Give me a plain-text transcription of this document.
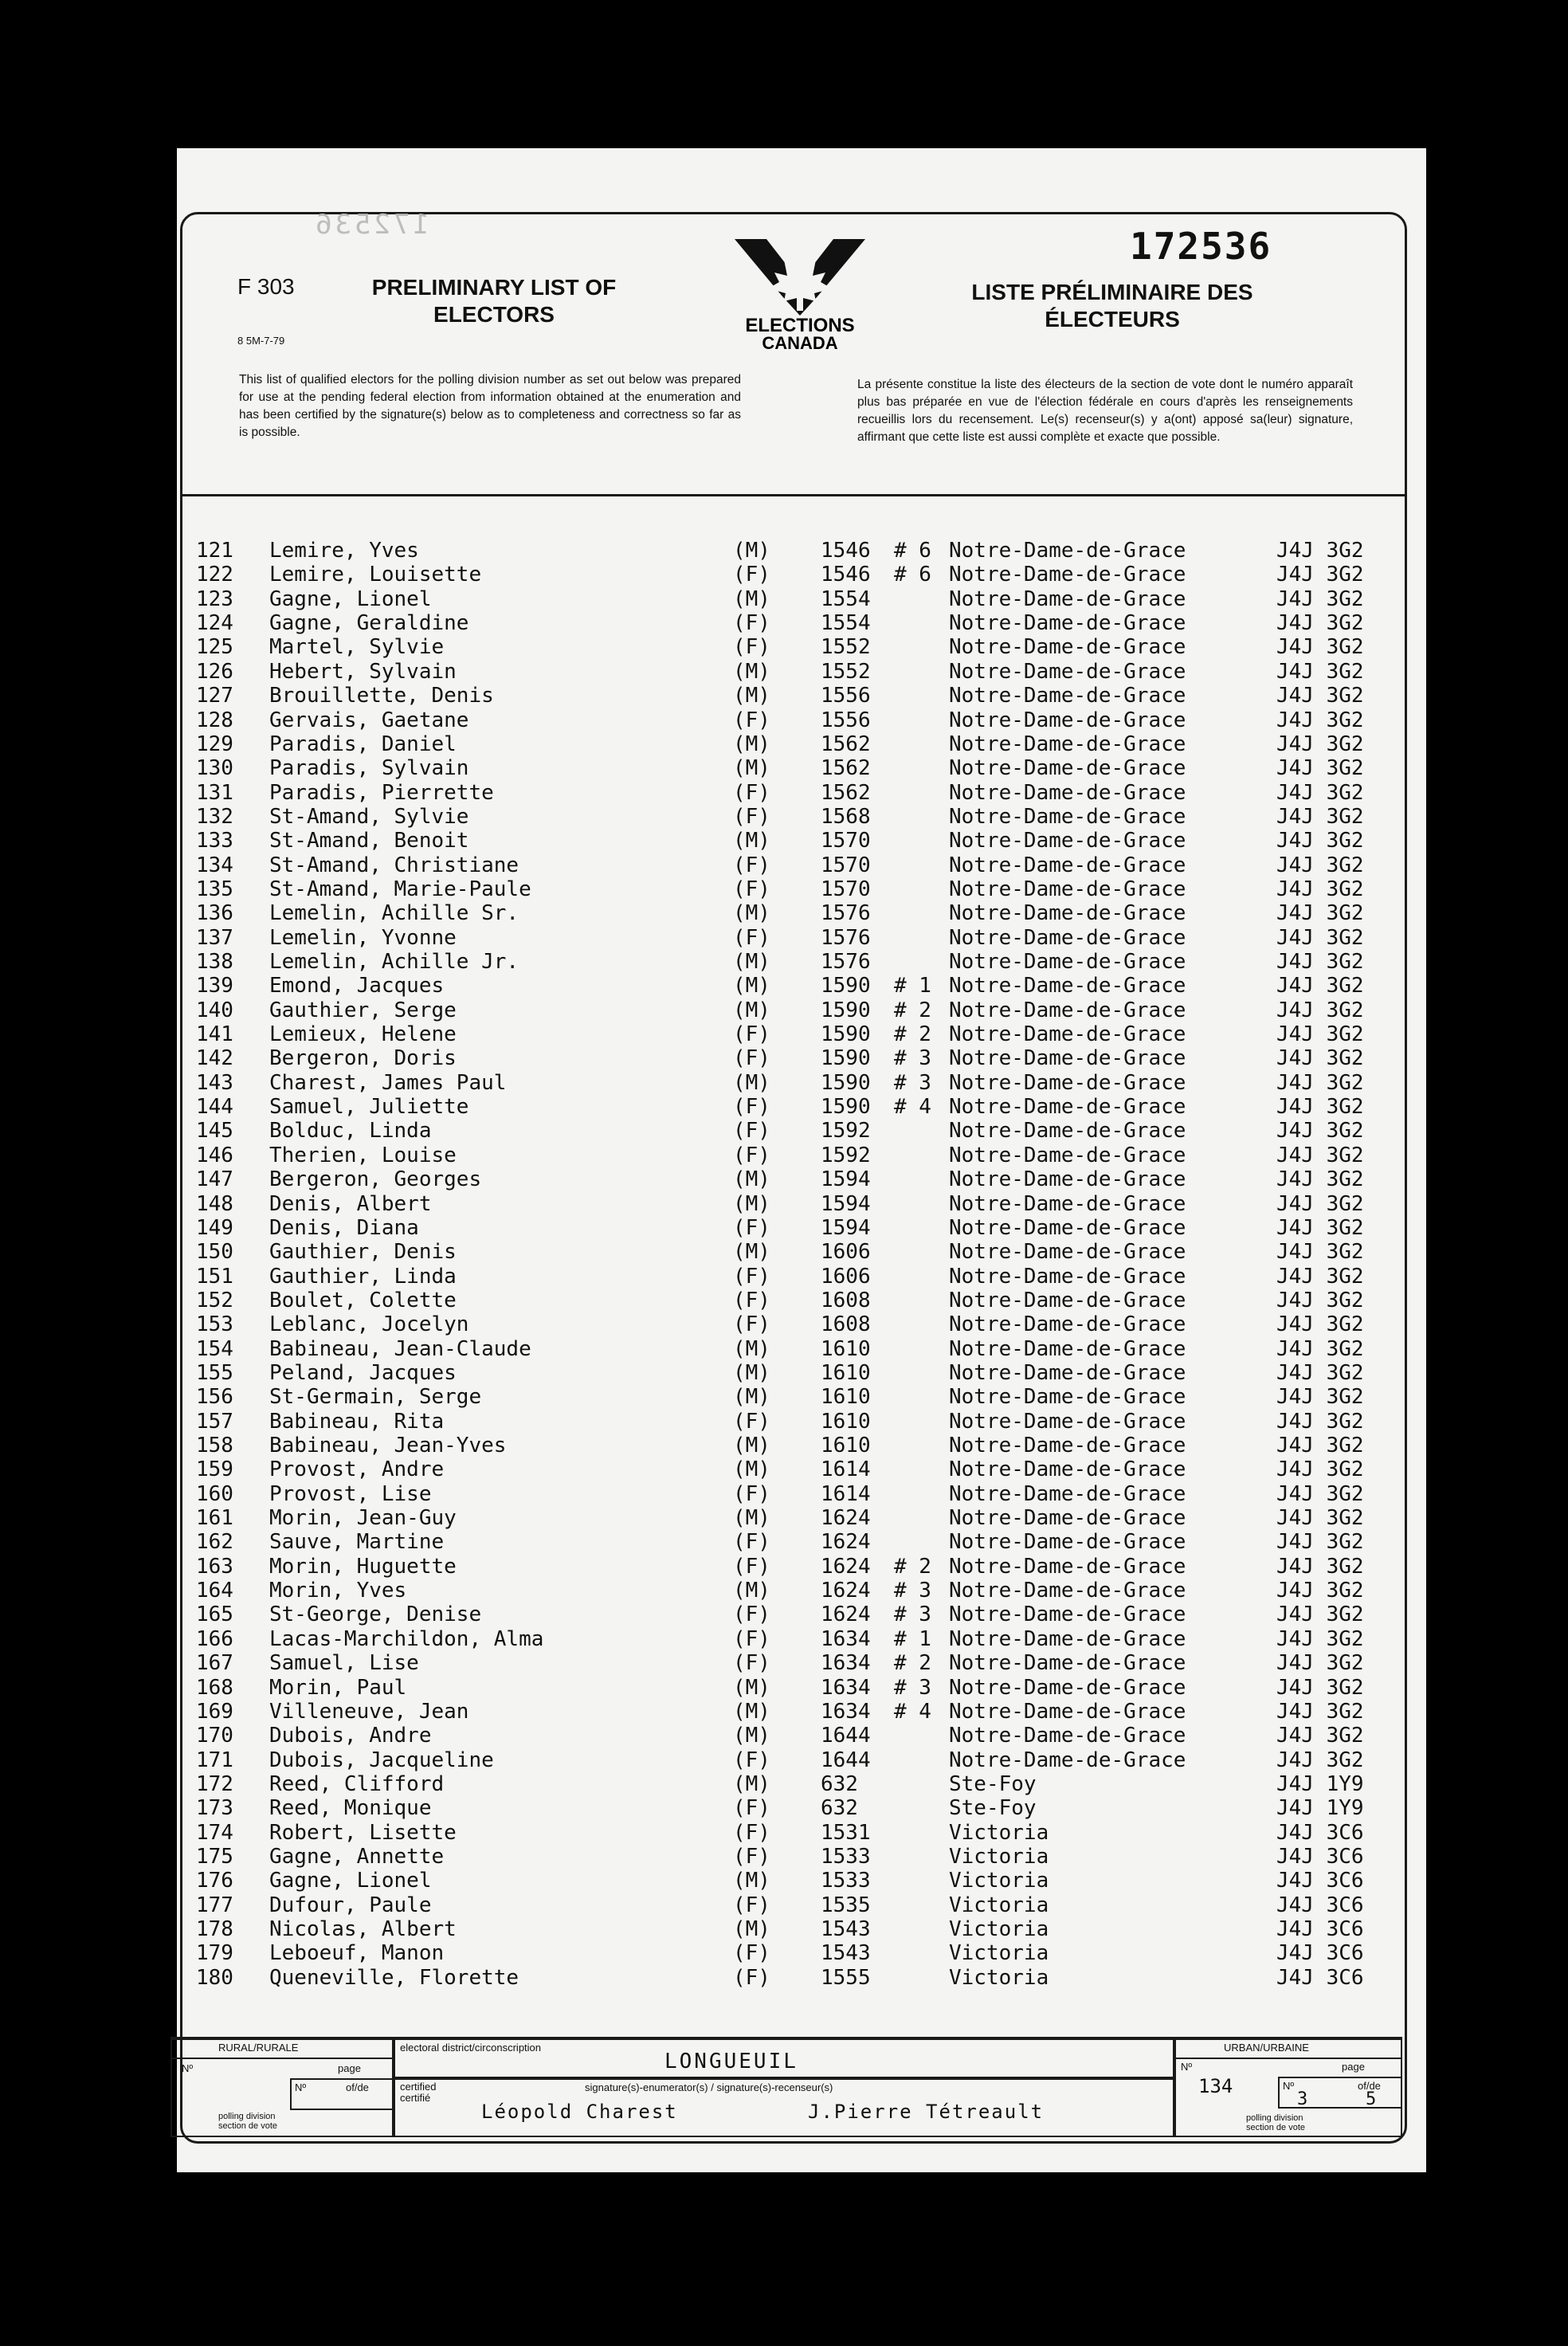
172536	172536
F 303
8 5M-7-79
PRELIMINARY LIST OF
ELECTORS	ELECTIONS
CANADA
LISTE PRÉLIMINAIRE DES
ÉLECTEURS
This list of qualified electors for the polling division number as set out below was prepared for use at the pending federal election from information obtained at the enumeration and has been certified by the signature(s) below as to completeness and correctness so far as is possible.
La présente constitue la liste des électeurs de la section de vote dont le numéro apparaît plus bas préparée en vue de l'élection fédérale en cours d'après les renseignements recueillis lors du recensement. Le(s) recenseur(s) y a(ont) apposé sa(leur) signature, affirmant que cette liste est aussi complète et exacte que possible.
121 Lemire, Yves	(M) 1546 # 6 Notre-Dame-de-Grace	J4J 3G2
122 Lemire, Louisette	(F) 1546 # 6 Notre-Dame-de-Grace	J4J 3G2
123 Gagne, Lionel	(M) 1554	Notre-Dame-de-Grace	J4J 3G2
124 Gagne, Geraldine	(F) 1554	Notre-Dame-de-Grace	J4J 3G2
125 Martel, Sylvie	(F) 1552	Notre-Dame-de-Grace	J4J 3G2
126 Hebert, Sylvain	(M) 1552	Notre-Dame-de-Grace	J4J 3G2
127 Brouillette, Denis	(M) 1556	Notre-Dame-de-Grace	J4J 3G2
128 Gervais, Gaetane	(F) 1556	Notre-Dame-de-Grace	J4J 3G2
129 Paradis, Daniel	(M) 1562	Notre-Dame-de-Grace	J4J 3G2
130 Paradis, Sylvain	(M) 1562	Notre-Dame-de-Grace	J4J 3G2
131 Paradis, Pierrette	(F) 1562	Notre-Dame-de-Grace	J4J 3G2
132 St-Amand, Sylvie	(F) 1568	Notre-Dame-de-Grace	J4J 3G2
133 St-Amand, Benoit	(M) 1570	Notre-Dame-de-Grace	J4J 3G2
134 St-Amand, Christiane	(F) 1570	Notre-Dame-de-Grace	J4J 3G2
135 St-Amand, Marie-Paule	(F) 1570	Notre-Dame-de-Grace	J4J 3G2
136 Lemelin, Achille Sr.	(M) 1576	Notre-Dame-de-Grace	J4J 3G2
137 Lemelin, Yvonne	(F) 1576	Notre-Dame-de-Grace	J4J 3G2
138 Lemelin, Achille Jr.	(M) 1576	Notre-Dame-de-Grace	J4J 3G2
139 Emond, Jacques	(M) 1590 # 1 Notre-Dame-de-Grace	J4J 3G2
140 Gauthier, Serge	(M) 1590 # 2 Notre-Dame-de-Grace	J4J 3G2
141 Lemieux, Helene	(F) 1590 # 2 Notre-Dame-de-Grace	J4J 3G2
142 Bergeron, Doris	(F) 1590 # 3 Notre-Dame-de-Grace	J4J 3G2
143 Charest, James Paul	(M) 1590 # 3 Notre-Dame-de-Grace	J4J 3G2
144 Samuel, Juliette	(F) 1590 # 4 Notre-Dame-de-Grace	J4J 3G2
145 Bolduc, Linda	(F) 1592	Notre-Dame-de-Grace	J4J 3G2
146 Therien, Louise	(F) 1592	Notre-Dame-de-Grace	J4J 3G2
147 Bergeron, Georges	(M) 1594	Notre-Dame-de-Grace	J4J 3G2
148 Denis, Albert	(M) 1594	Notre-Dame-de-Grace	J4J 3G2
149 Denis, Diana	(F) 1594	Notre-Dame-de-Grace	J4J 3G2
150 Gauthier, Denis	(M) 1606	Notre-Dame-de-Grace	J4J 3G2
151 Gauthier, Linda	(F) 1606	Notre-Dame-de-Grace	J4J 3G2
152 Boulet, Colette	(F) 1608	Notre-Dame-de-Grace	J4J 3G2
153 Leblanc, Jocelyn	(F) 1608	Notre-Dame-de-Grace	J4J 3G2
154 Babineau, Jean-Claude	(M) 1610	Notre-Dame-de-Grace	J4J 3G2
155 Peland, Jacques	(M) 1610	Notre-Dame-de-Grace	J4J 3G2
156 St-Germain, Serge	(M) 1610	Notre-Dame-de-Grace	J4J 3G2
157 Babineau, Rita	(F) 1610	Notre-Dame-de-Grace	J4J 3G2
158 Babineau, Jean-Yves	(M) 1610	Notre-Dame-de-Grace	J4J 3G2
159 Provost, Andre	(M) 1614	Notre-Dame-de-Grace	J4J 3G2
160 Provost, Lise	(F) 1614	Notre-Dame-de-Grace	J4J 3G2
161 Morin, Jean-Guy	(M) 1624	Notre-Dame-de-Grace	J4J 3G2
162 Sauve, Martine	(F) 1624	Notre-Dame-de-Grace	J4J 3G2
163 Morin, Huguette	(F) 1624 # 2 Notre-Dame-de-Grace	J4J 3G2
164 Morin, Yves	(M) 1624 # 3 Notre-Dame-de-Grace	J4J 3G2
165 St-George, Denise	(F) 1624 # 3 Notre-Dame-de-Grace	J4J 3G2
166 Lacas-Marchildon, Alma	(F) 1634 # 1 Notre-Dame-de-Grace	J4J 3G2
167 Samuel, Lise	(F) 1634 # 2 Notre-Dame-de-Grace	J4J 3G2
168 Morin, Paul	(M) 1634 # 3 Notre-Dame-de-Grace	J4J 3G2
169 Villeneuve, Jean	(M) 1634 # 4 Notre-Dame-de-Grace	J4J 3G2
170 Dubois, Andre	(M) 1644	Notre-Dame-de-Grace	J4J 3G2
171 Dubois, Jacqueline	(F) 1644	Notre-Dame-de-Grace	J4J 3G2
172 Reed, Clifford	(M) 632	Ste-Foy	J4J 1Y9
173 Reed, Monique	(F) 632	Ste-Foy	J4J 1Y9
174 Robert, Lisette	(F) 1531	Victoria	J4J 3C6
175 Gagne, Annette	(F) 1533	Victoria	J4J 3C6
176 Gagne, Lionel	(M) 1533	Victoria	J4J 3C6
177 Dufour, Paule	(F) 1535	Victoria	J4J 3C6
178 Nicolas, Albert	(M) 1543	Victoria	J4J 3C6
179 Leboeuf, Manon	(F) 1543	Victoria	J4J 3C6
180 Queneville, Florette	(F) 1555	Victoria	J4J 3C6
RURAL/RURALE
Nº	page
Nº	of/de
polling division
section de vote
electoral district/circonscription
LONGUEUIL
certified
certifié
signature(s)-enumerator(s) / signature(s)-recenseur(s)
Léopold Charest	J.Pierre Tétreault
URBAN/URBAINE
Nº	page
134	Nº	of/de
3	5
polling division
section de vote
